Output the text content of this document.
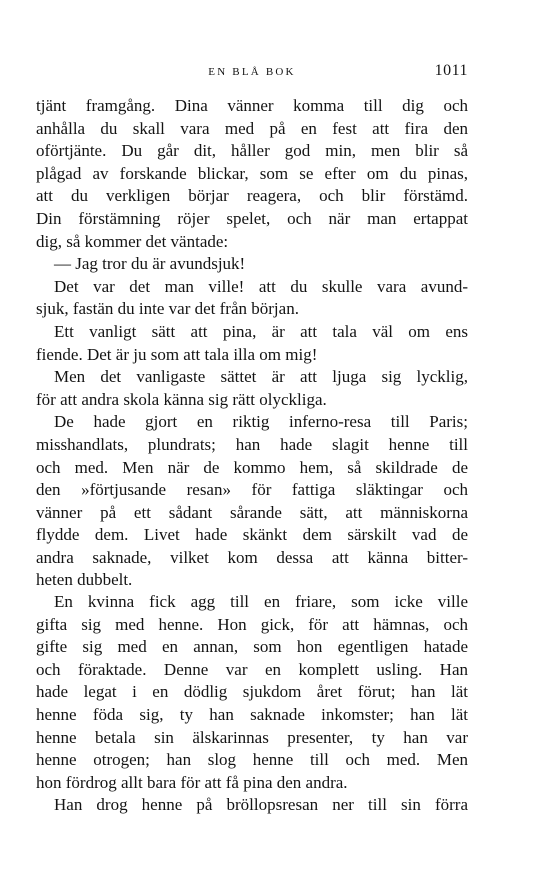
EN BLÅ BOK	1011
tjänt framgång. Dina vänner komma till dig och
anhålla du skall vara med på en fest att fira den
oförtjänte. Du går dit, håller god min, men blir så
plågad av forskande blickar, som se efter om du pinas,
att du verkligen börjar reagera, och blir förstämd.
Din förstämning röjer spelet, och när man ertappat
dig, så kommer det väntade:
— Jag tror du är avundsjuk!
Det var det man ville! att du skulle vara avund-
sjuk, fastän du inte var det från början.
Ett vanligt sätt att pina, är att tala väl om ens
fiende. Det är ju som att tala illa om mig!
Men det vanligaste sättet är att ljuga sig lycklig,
för att andra skola känna sig rätt olyckliga.
De hade gjort en riktig inferno-resa till Paris;
misshandlats, plundrats; han hade slagit henne till
och med. Men när de kommo hem, så skildrade de
den »förtjusande resan» för fattiga släktingar och
vänner på ett sådant sårande sätt, att människorna
flydde dem. Livet hade skänkt dem särskilt vad de
andra saknade, vilket kom dessa att känna bitter-
heten dubbelt.
En kvinna fick agg till en friare, som icke ville
gifta sig med henne. Hon gick, för att hämnas, och
gifte sig med en annan, som hon egentligen hatade
och föraktade. Denne var en komplett usling. Han
hade legat i en dödlig sjukdom året förut; han lät
henne föda sig, ty han saknade inkomster; han lät
henne betala sin älskarinnas presenter, ty han var
henne otrogen; han slog henne till och med. Men
hon fördrog allt bara för att få pina den andra.
Han drog henne på bröllopsresan ner till sin förra
